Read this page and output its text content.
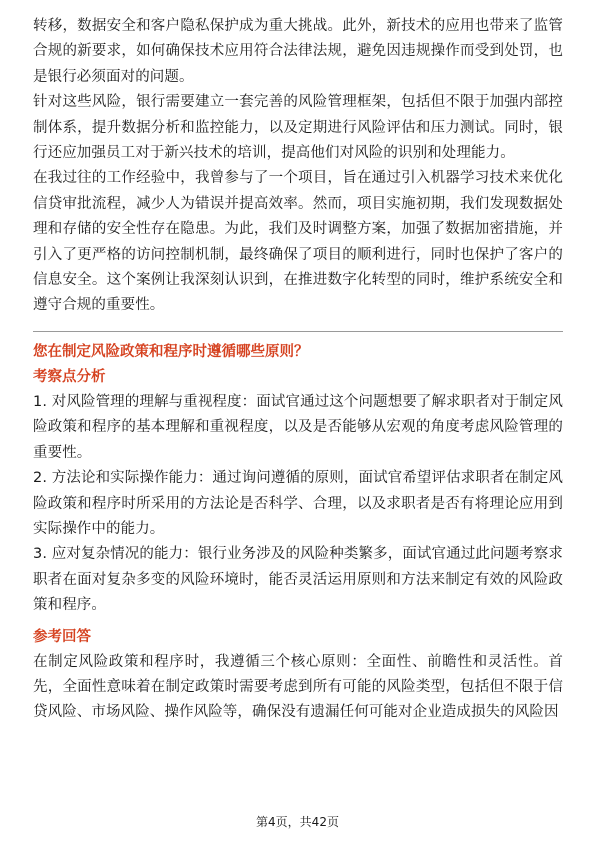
转移，数据安全和客户隐私保护成为重大挑战。此外，新技术的应用也带来了监管合规的新要求，如何确保技术应用符合法律法规，避免因违规操作而受到处罚，也是银行必须面对的问题。

针对这些风险，银行需要建立一套完善的风险管理框架，包括但不限于加强内部控制体系，提升数据分析和监控能力，以及定期进行风险评估和压力测试。同时，银行还应加强员工对于新兴技术的培训，提高他们对风险的识别和处理能力。

在我过往的工作经验中，我曾参与了一个项目，旨在通过引入机器学习技术来优化信贷审批流程，减少人为错误并提高效率。然而，项目实施初期，我们发现数据处理和存储的安全性存在隐患。为此，我们及时调整方案，加强了数据加密措施，并引入了更严格的访问控制机制，最终确保了项目的顺利进行，同时也保护了客户的信息安全。这个案例让我深刻认识到，在推进数字化转型的同时，维护系统安全和遵守合规的重要性。

您在制定风险政策和程序时遵循哪些原则？

考察点分析

1. 对风险管理的理解与重视程度：面试官通过这个问题想要了解求职者对于制定风险政策和程序的基本理解和重视程度，以及是否能够从宏观的角度考虑风险管理的重要性。

2. 方法论和实际操作能力：通过询问遵循的原则，面试官希望评估求职者在制定风险政策和程序时所采用的方法论是否科学、合理，以及求职者是否有将理论应用到实际操作中的能力。

3. 应对复杂情况的能力：银行业务涉及的风险种类繁多，面试官通过此问题考察求职者在面对复杂多变的风险环境时，能否灵活运用原则和方法来制定有效的风险政策和程序。

参考回答

在制定风险政策和程序时，我遵循三个核心原则：全面性、前瞻性和灵活性。首先，全面性意味着在制定政策时需要考虑到所有可能的风险类型，包括但不限于信贷风险、市场风险、操作风险等，确保没有遗漏任何可能对企业造成损失的风险因

第4页，共42页
